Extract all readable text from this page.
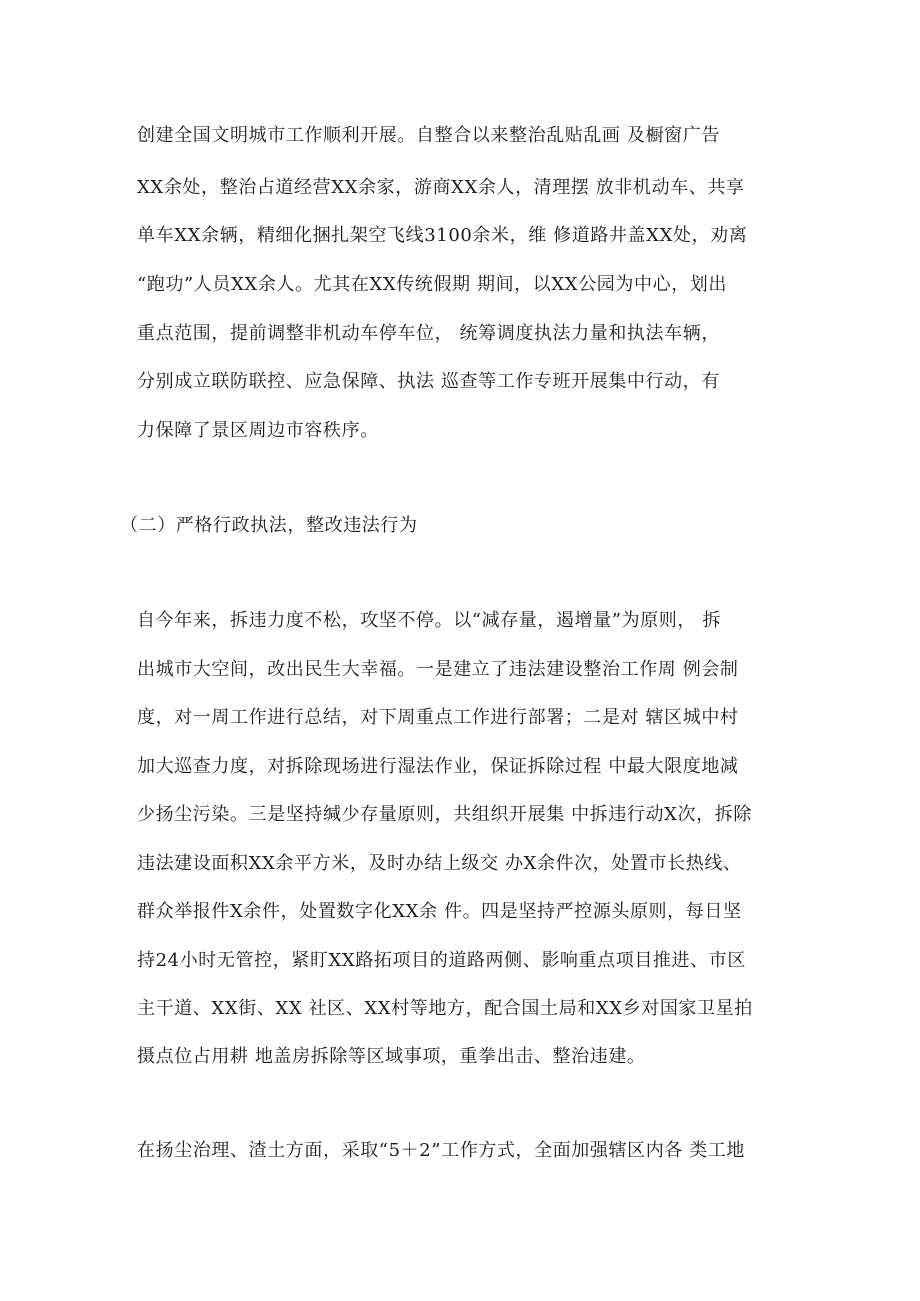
创建全国文明城市工作顺利开展。自整合以来整治乱贴乱画 及橱窗广告
XX余处，整治占道经营XX余家，游商XX余人，清理摆 放非机动车、共享
单车XX余辆，精细化捆扎架空飞线3100余米，维 修道路井盖XX处，劝离
“跑功”人员XX余人。尤其在XX传统假期 期间，以XX公园为中心，划出
重点范围，提前调整非机动车停车位， 统筹调度执法力量和执法车辆，
分别成立联防联控、应急保障、执法 巡查等工作专班开展集中行动，有
力保障了景区周边市容秩序。
（二）严格行政执法，整改违法行为
自今年来，拆违力度不松，攻坚不停。以“减存量，遏增量”为原则， 拆
出城市大空间，改出民生大幸福。一是建立了违法建设整治工作周 例会制
度，对一周工作进行总结，对下周重点工作进行部署；二是对 辖区城中村
加大巡查力度，对拆除现场进行湿法作业，保证拆除过程 中最大限度地减
少扬尘污染。三是坚持缄少存量原则，共组织开展集 中拆违行动X次，拆除
违法建设面积XX余平方米，及时办结上级交 办X余件次，处置市长热线、
群众举报件X余件，处置数字化XX余 件。四是坚持严控源头原则，每日坚
持24小时无管控，紧盯XX路拓项目的道路两侧、影响重点项目推进、市区
主干道、XX街、XX 社区、XX村等地方，配合国土局和XX乡对国家卫星拍
摄点位占用耕 地盖房拆除等区域事项，重拳出击、整治违建。
在扬尘治理、渣土方面，采取“5＋2”工作方式，全面加强辖区内各 类工地
